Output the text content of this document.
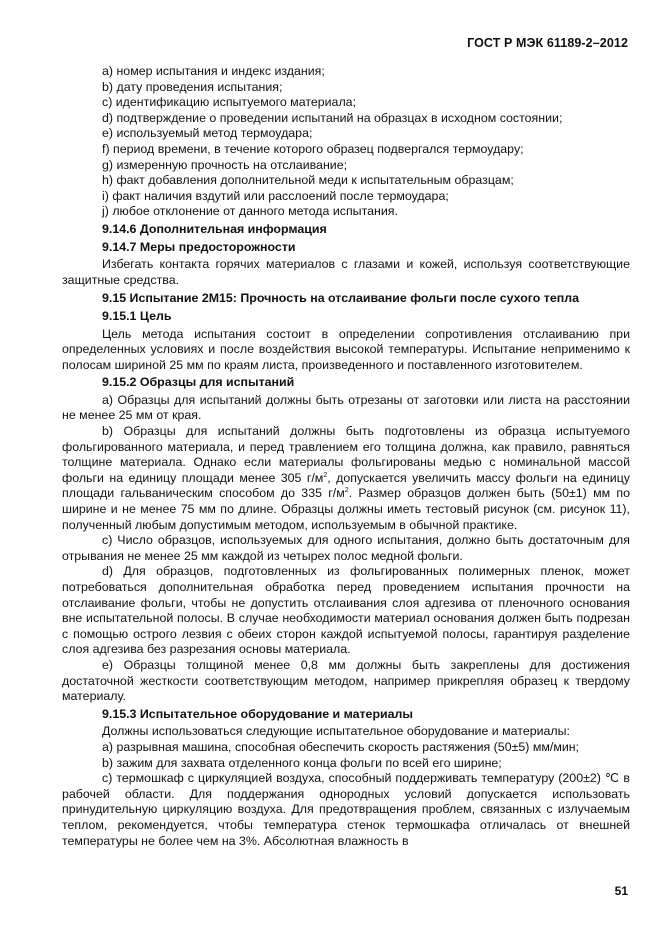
ГОСТ Р МЭК 61189-2–2012

a) номер испытания и индекс издания;

b) дату проведения испытания;

c) идентификацию испытуемого материала;

d) подтверждение о проведении испытаний на образцах в исходном состоянии;

e) используемый метод термоудара;

f) период времени, в течение которого образец подвергался термоудару;

g) измеренную прочность на отслаивание;

h) факт добавления дополнительной меди к испытательным образцам;

i) факт наличия вздутий или расслоений после термоудара;

j) любое отклонение от данного метода испытания.

9.14.6 Дополнительная информация

9.14.7 Меры предосторожности

Избегать контакта горячих материалов с глазами и кожей, используя соответствующие защитные средства.

9.15 Испытание 2М15: Прочность на отслаивание фольги после сухого тепла

9.15.1 Цель

Цель метода испытания состоит в определении сопротивления отслаиванию при определенных условиях и после воздействия высокой температуры. Испытание неприменимо к полосам шириной 25 мм по краям листа, произведенного и поставленного изготовителем.

9.15.2 Образцы для испытаний

а) Образцы для испытаний должны быть отрезаны от заготовки или листа на расстоянии не менее 25 мм от края.

b) Образцы для испытаний должны быть подготовлены из образца испытуемого фольгированного материала, и перед травлением его толщина должна, как правило, равняться толщине материала. Однако если материалы фольгированы медью с номинальной массой фольги на единицу площади менее 305 $г/м^2$, допускается увеличить массу фольги на единицу площади гальваническим способом до 335 $г/м^2$. Размер образцов должен быть (50±1) мм по ширине и не менее 75 мм по длине. Образцы должны иметь тестовый рисунок (см. рисунок 11), полученный любым допустимым методом, используемым в обычной практике.

c) Число образцов, используемых для одного испытания, должно быть достаточным для отрывания не менее 25 мм каждой из четырех полос медной фольги.

d) Для образцов, подготовленных из фольгированных полимерных пленок, может потребоваться дополнительная обработка перед проведением испытания прочности на отслаивание фольги, чтобы не допустить отслаивания слоя адгезива от пленочного основания вне испытательной полосы. В случае необходимости материал основания должен быть подрезан с помощью острого лезвия с обеих сторон каждой испытуемой полосы, гарантируя разделение слоя адгезива без разрезания основы материала.

e) Образцы толщиной менее 0,8 мм должны быть закреплены для достижения достаточной жесткости соответствующим методом, например прикрепляя образец к твердому материалу.

9.15.3 Испытательное оборудование и материалы

Должны использоваться следующие испытательное оборудование и материалы:

а) разрывная машина, способная обеспечить скорость растяжения (50±5) мм/мин;

b) зажим для захвата отделенного конца фольги по всей его ширине;

c) термошкаф с циркуляцией воздуха, способный поддерживать температуру (200±2) ℃ в рабочей области. Для поддержания однородных условий допускается использовать принудительную циркуляцию воздуха. Для предотвращения проблем, связанных с излучаемым теплом, рекомендуется, чтобы температура стенок термошкафа отличалась от внешней температуры не более чем на 3%. Абсолютная влажность в

51
